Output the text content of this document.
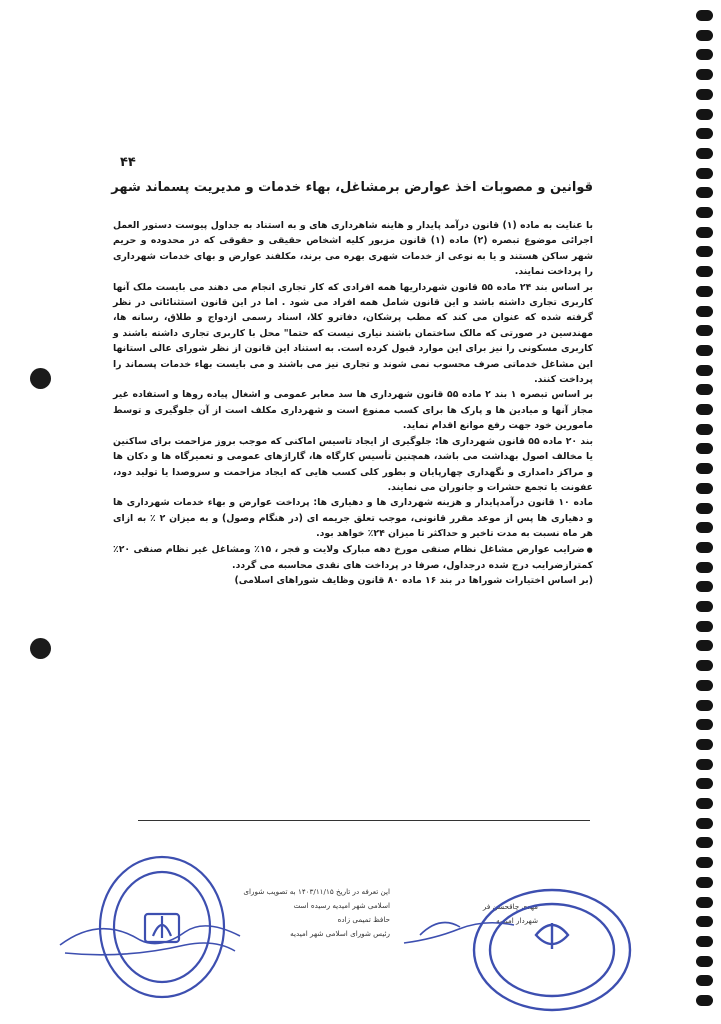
۴۴
قوانین و مصوبات اخذ عوارض برمشاغل، بهاء خدمات و مدیریت پسماند شهر

با عنایت به ماده (۱) قانون درآمد پایدار و هاینه شاهرداری های و به استناد به جداول پیوست دستور العمل اجرائی موضوع تبصره (۲) ماده (۱) قانون مزبور کلیه اشخاص حقیقی و حقوقی که در محدوده و حریم شهر ساکن هستند و یا به نوعی از خدمات شهری بهره می برند، مکلفند عوارض و بهای خدمات شهرداری را پرداخت نمایند.

بر اساس بند ۲۴ ماده ۵۵ قانون شهرداریها همه افرادی که کار تجاری انجام می دهند می بایست ملک آنها کاربری تجاری داشته باشد و این قانون شامل همه افراد می شود . اما در این قانون استثنائاتی در نظر گرفته شده که عنوان می کند که مطب پرشکان، دفاترو کلا، اسناد رسمی ازدواج و طلاق، رسانه ها، مهندسین در صورتی که مالک ساختمان باشند نیاری نیست که حتما" محل با کاربری تجاری داشته باشند و کاربری مسکونی را نیز برای این موارد قبول کرده است. به استناد این قانون از نظر شورای عالی استانها این مشاغل خدماتی صرف محسوب نمی شوند و تجاری نیز می باشند و می بایست بهاء خدمات پسماند را پرداخت کنند.

بر اساس تبصره ۱ بند ۲ ماده ۵۵ قانون شهرداری ها سد معابر عمومی و اشغال پیاده روها و استفاده غیر مجاز آنها و میادین ها و پارک ها برای کسب ممنوع است و شهرداری مکلف است از آن جلوگیری و توسط مامورین خود جهت رفع موانع اقدام نماید.

بند ۲۰ ماده ۵۵ قانون شهرداری ها: جلوگیری از ایجاد تاسیس اماکنی که موجب بروز مزاحمت برای ساکنین یا مخالف اصول بهداشت می باشد، همچنین تأسیس کارگاه ها، گاراژهای عمومی و تعمیرگاه ها و دکان ها و مراکز دامداری و نگهداری چهارپایان و بطور کلی کسب هایی که ایجاد مزاحمت و سروصدا یا تولید دود، عفونت یا تجمع حشرات و جانوران می نمایند.

ماده ۱۰ قانون درآمدپایدار و هزینه شهرداری ها و دهیاری ها: پرداخت عوارض و بهاء خدمات شهرداری ها و دهیاری ها پس از موعد مقرر قانونی، موجب تعلق جریمه ای (در هنگام وصول) و به میزان ۲ ٪ به ازای هر ماه نسبت به مدت تاخیر و حداکثر تا میزان ۲۴٪ خواهد بود.

● ضرایب عوارض مشاغل نظام صنفی مورخ دهه مبارک ولایت و فجر ، ۱۵٪ ومشاغل غیر نظام صنفی ۲۰٪ کمترازضرایب درج شده درجداول، صرفا در پرداخت های نقدی محاسبه می گردد.

(بر اساس اختیارات شوراها در بند ۱۶ ماده ۸۰ قانون وظایف شوراهای اسلامی)

این تعرفه در تاریخ ۱۴۰۳/۱۱/۱۵ به تصویب شورای اسلامی شهر امیدیه رسیده است
حافظ تمیمی زاده
رئیس شورای اسلامی شهر امیدیه
مهدی چاقحسن فر
شهردار امیدیه
